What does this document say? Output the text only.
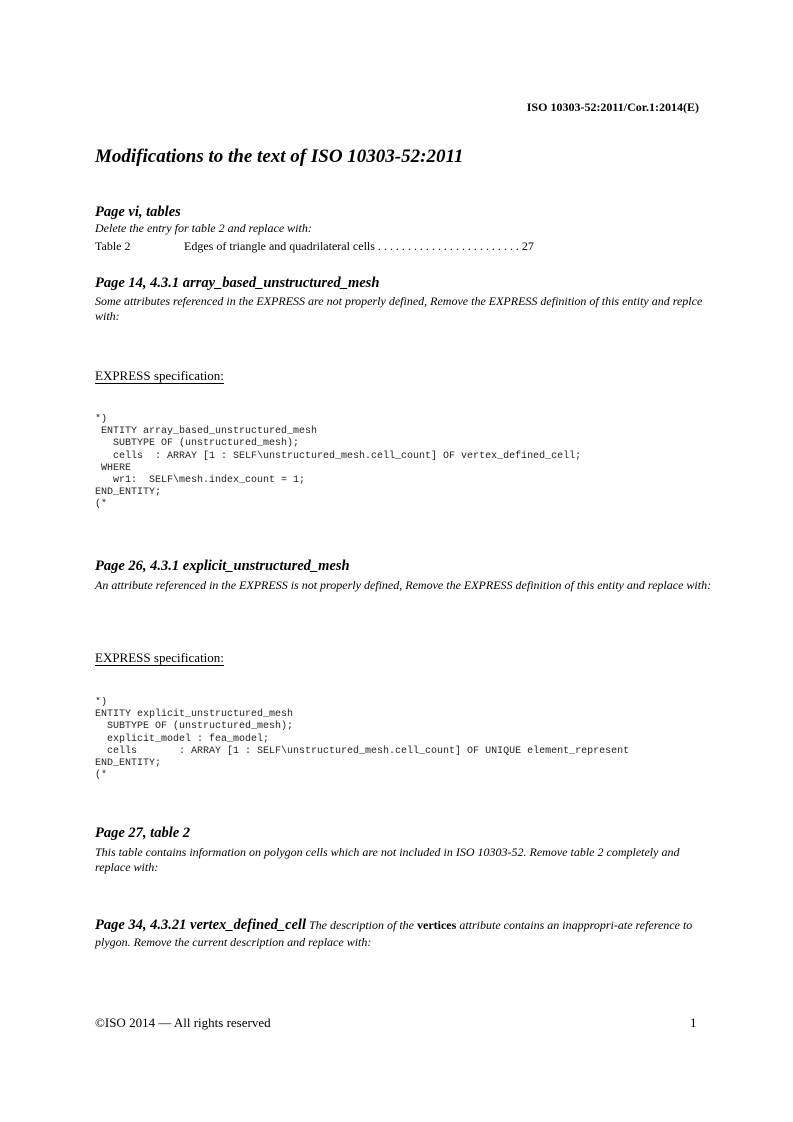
ISO 10303-52:2011/Cor.1:2014(E)
Modifications to the text of ISO 10303-52:2011
Page vi, tables
Delete the entry for table 2 and replace with:
Table 2	Edges of triangle and quadrilateral cells . . . . . . . . . . . . . . . . . . . . . . . . 27
Page 14, 4.3.1 array_based_unstructured_mesh
Some attributes referenced in the EXPRESS are not properly defined, Remove the EXPRESS definition of this entity and replce with:
EXPRESS specification:
*)
ENTITY array_based_unstructured_mesh
SUBTYPE OF (unstructured_mesh);
cells  : ARRAY [1 : SELF\unstructured_mesh.cell_count] OF vertex_defined_cell;
WHERE
wr1:  SELF\mesh.index_count = 1;
END_ENTITY;
(*
Page 26, 4.3.1 explicit_unstructured_mesh
An attribute referenced in the EXPRESS is not properly defined, Remove the EXPRESS definition of this entity and replace with:
EXPRESS specification:
*)
ENTITY explicit_unstructured_mesh
SUBTYPE OF (unstructured_mesh);
explicit_model : fea_model;
cells       : ARRAY [1 : SELF\unstructured_mesh.cell_count] OF UNIQUE element_represent
END_ENTITY;
(*
Page 27, table 2
This table contains information on polygon cells which are not included in ISO 10303-52. Remove table 2 completely and replace with:
Page 34, 4.3.21 vertex_defined_cell The description of the vertices attribute contains an inappropri-ate reference to plygon. Remove the current description and replace with:
©ISO 2014 — All rights reserved	1
